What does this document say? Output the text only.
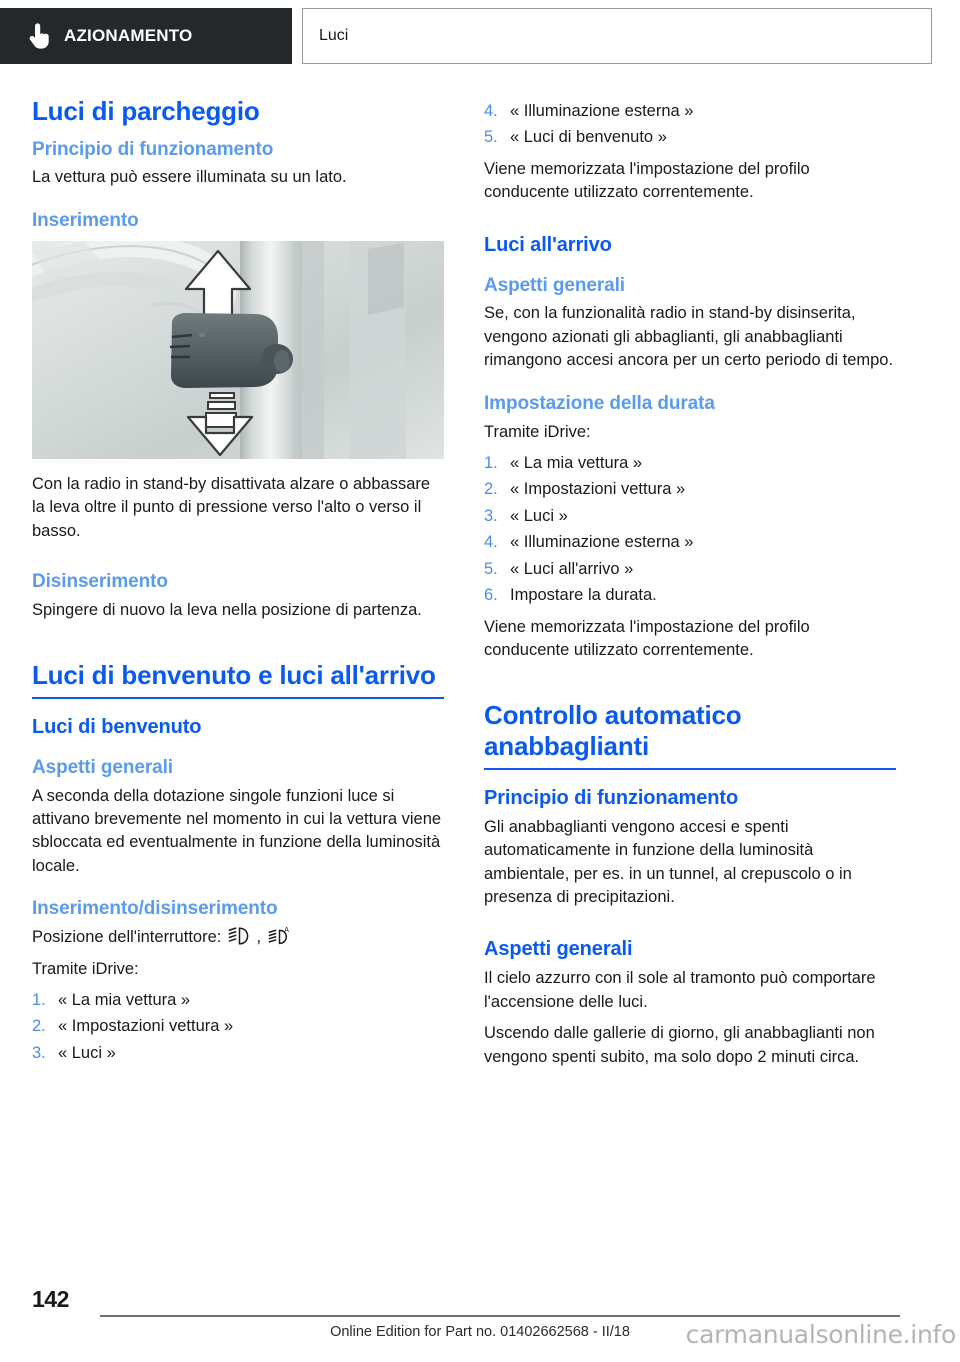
AZIONAMENTO	Luci
Luci di parcheggio
Principio di funzionamento

La vettura può essere illuminata su un lato.

Inserimento

Con la radio in stand-by disattivata alzare o abbassare la leva oltre il punto di pressione verso l'alto o verso il basso.

Disinserimento

Spingere di nuovo la leva nella posizione di partenza.

Luci di benvenuto e luci all'arrivo
Luci di benvenuto
Aspetti generali

A seconda della dotazione singole funzioni luce si attivano brevemente nel momento in cui la vettura viene sbloccata ed eventualmente in funzione della luminosità locale.

Inserimento/disinserimento

Posizione dell'interruttore: ,	A

Tramite iDrive:

1. « La mia vettura »
2. « Impostazioni vettura »
3. « Luci »
4. « Illuminazione esterna »
5. « Luci di benvenuto »

Viene memorizzata l'impostazione del profilo conducente utilizzato correntemente.

Luci all'arrivo
Aspetti generali

Se, con la funzionalità radio in stand-by disinserita, vengono azionati gli abbaglianti, gli anabbaglianti rimangono accesi ancora per un certo periodo di tempo.

Impostazione della durata

Tramite iDrive:

1. « La mia vettura »
2. « Impostazioni vettura »
3. « Luci »
4. « Illuminazione esterna »
5. « Luci all'arrivo »
6. Impostare la durata.

Viene memorizzata l'impostazione del profilo conducente utilizzato correntemente.

Controllo automatico anabbaglianti
Principio di funzionamento

Gli anabbaglianti vengono accesi e spenti automaticamente in funzione della luminosità ambientale, per es. in un tunnel, al crepuscolo o in presenza di precipitazioni.

Aspetti generali

Il cielo azzurro con il sole al tramonto può comportare l'accensione delle luci.

Uscendo dalle gallerie di giorno, gli anabbaglianti non vengono spenti subito, ma solo dopo 2 minuti circa.

142
Online Edition for Part no. 01402662568 - II/18	carmanualsonline.info
